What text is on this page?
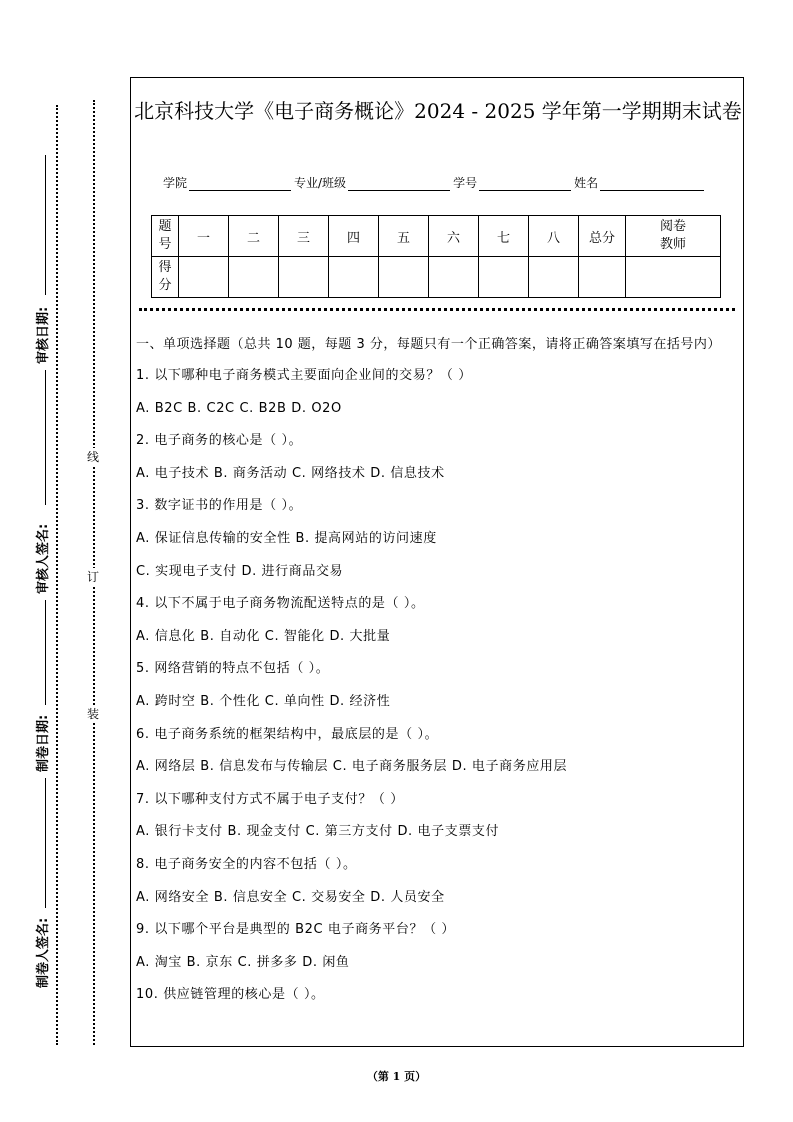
审核日期:
审核人签名:
制卷日期:
制卷人签名:
线
订
装
北京科技大学《电子商务概论》2024 - 2025 学年第一学期期末试卷
学院	专业/班级	学号	姓名
题
号	一	二	三	四	五	六	七	八	总分	阅卷
教师
得
分										
一、单项选择题（总共 10 题，每题 3 分，每题只有一个正确答案，请将正确答案填写在括号内）
1. 以下哪种电子商务模式主要面向企业间的交易？（ ）
A. B2C B. C2C C. B2B D. O2O
2. 电子商务的核心是（ ）。
A. 电子技术 B. 商务活动 C. 网络技术 D. 信息技术
3. 数字证书的作用是（ ）。
A. 保证信息传输的安全性 B. 提高网站的访问速度
C. 实现电子支付 D. 进行商品交易
4. 以下不属于电子商务物流配送特点的是（ ）。
A. 信息化 B. 自动化 C. 智能化 D. 大批量
5. 网络营销的特点不包括（ ）。
A. 跨时空 B. 个性化 C. 单向性 D. 经济性
6. 电子商务系统的框架结构中，最底层的是（ ）。
A. 网络层 B. 信息发布与传输层 C. 电子商务服务层 D. 电子商务应用层
7. 以下哪种支付方式不属于电子支付？（ ）
A. 银行卡支付 B. 现金支付 C. 第三方支付 D. 电子支票支付
8. 电子商务安全的内容不包括（ ）。
A. 网络安全 B. 信息安全 C. 交易安全 D. 人员安全
9. 以下哪个平台是典型的 B2C 电子商务平台？（ ）
A. 淘宝 B. 京东 C. 拼多多 D. 闲鱼
10. 供应链管理的核心是（ ）。
（第 1 页）
